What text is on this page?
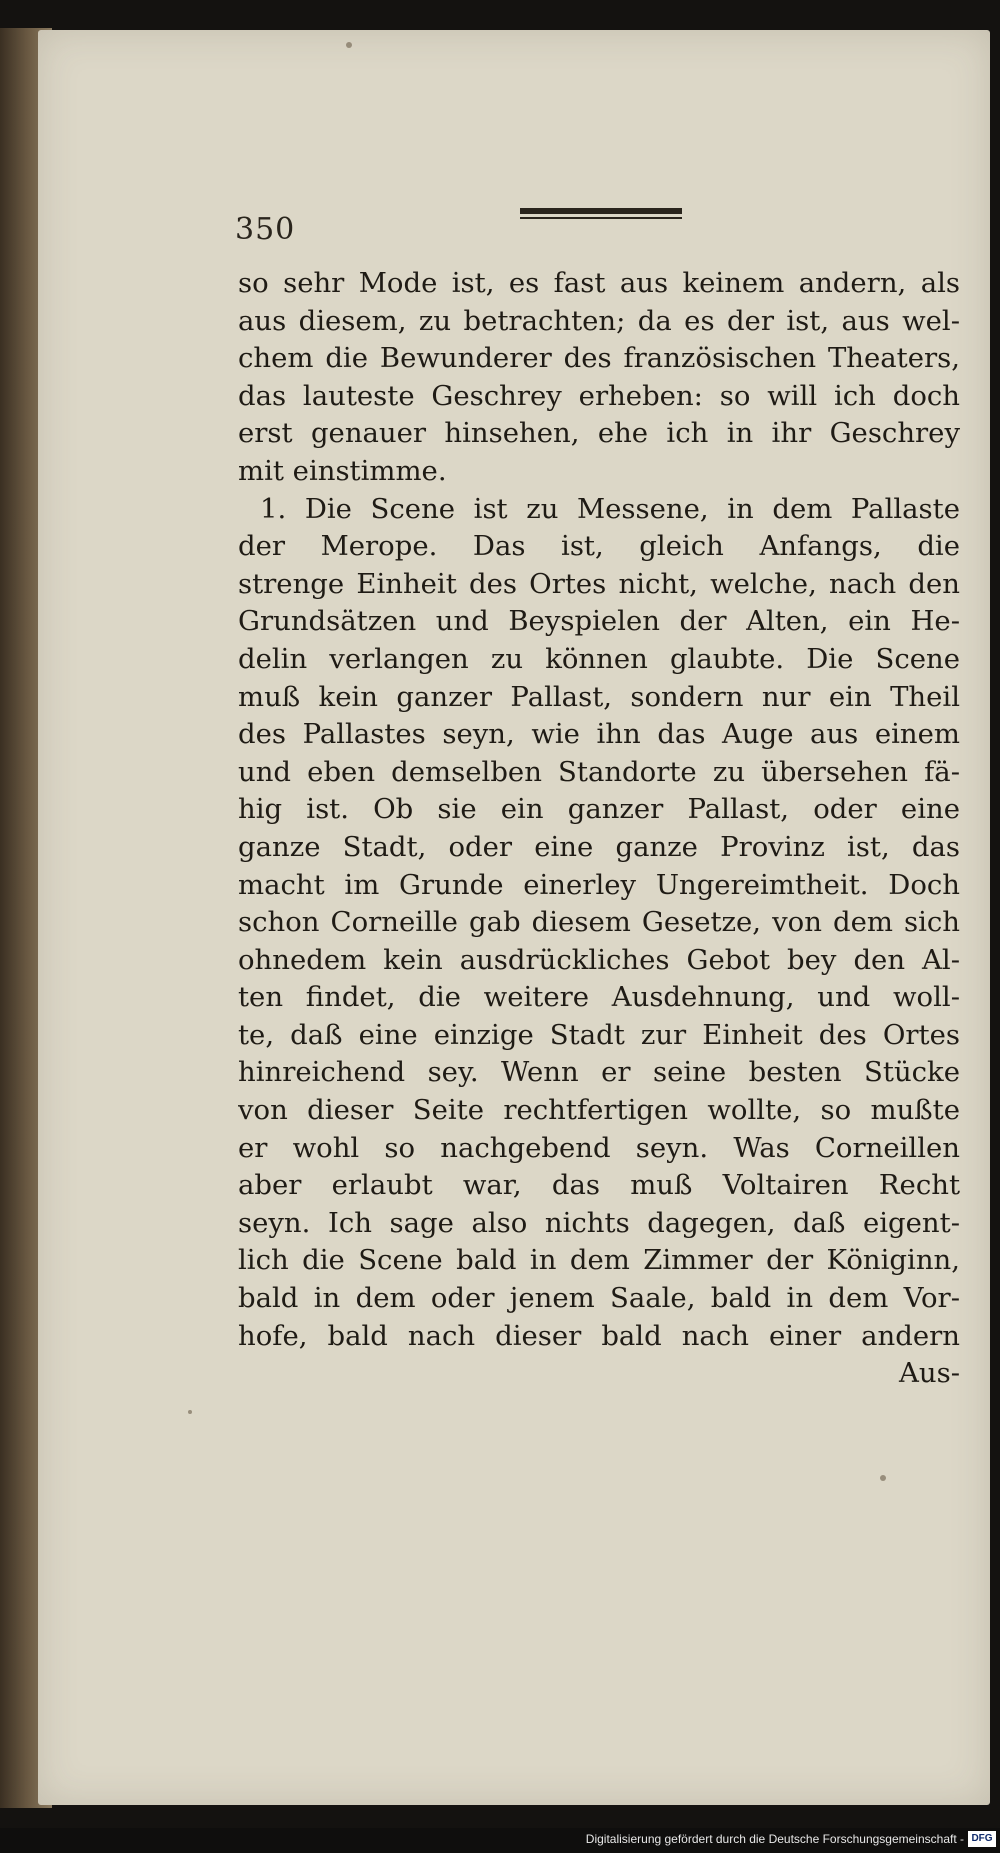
350
so sehr Mode ist, es fast aus keinem andern, als
aus diesem, zu betrachten; da es der ist, aus wel-
chem die Bewunderer des französischen Theaters,
das lauteste Geschrey erheben: so will ich doch
erst genauer hinsehen, ehe ich in ihr Geschrey
mit einstimme.
1. Die Scene ist zu Messene, in dem Pallaste
der Merope. Das ist, gleich Anfangs, die
strenge Einheit des Ortes nicht, welche, nach den
Grundsätzen und Beyspielen der Alten, ein He-
delin verlangen zu können glaubte. Die Scene
muß kein ganzer Pallast, sondern nur ein Theil
des Pallastes seyn, wie ihn das Auge aus einem
und eben demselben Standorte zu übersehen fä-
hig ist. Ob sie ein ganzer Pallast, oder eine
ganze Stadt, oder eine ganze Provinz ist, das
macht im Grunde einerley Ungereimtheit. Doch
schon Corneille gab diesem Gesetze, von dem sich
ohnedem kein ausdrückliches Gebot bey den Al-
ten findet, die weitere Ausdehnung, und woll-
te, daß eine einzige Stadt zur Einheit des Ortes
hinreichend sey. Wenn er seine besten Stücke
von dieser Seite rechtfertigen wollte, so mußte
er wohl so nachgebend seyn. Was Corneillen
aber erlaubt war, das muß Voltairen Recht
seyn. Ich sage also nichts dagegen, daß eigent-
lich die Scene bald in dem Zimmer der Königinn,
bald in dem oder jenem Saale, bald in dem Vor-
hofe, bald nach dieser bald nach einer andern
Aus-
Digitalisierung gefördert durch die Deutsche Forschungsgemeinschaft - DFG
